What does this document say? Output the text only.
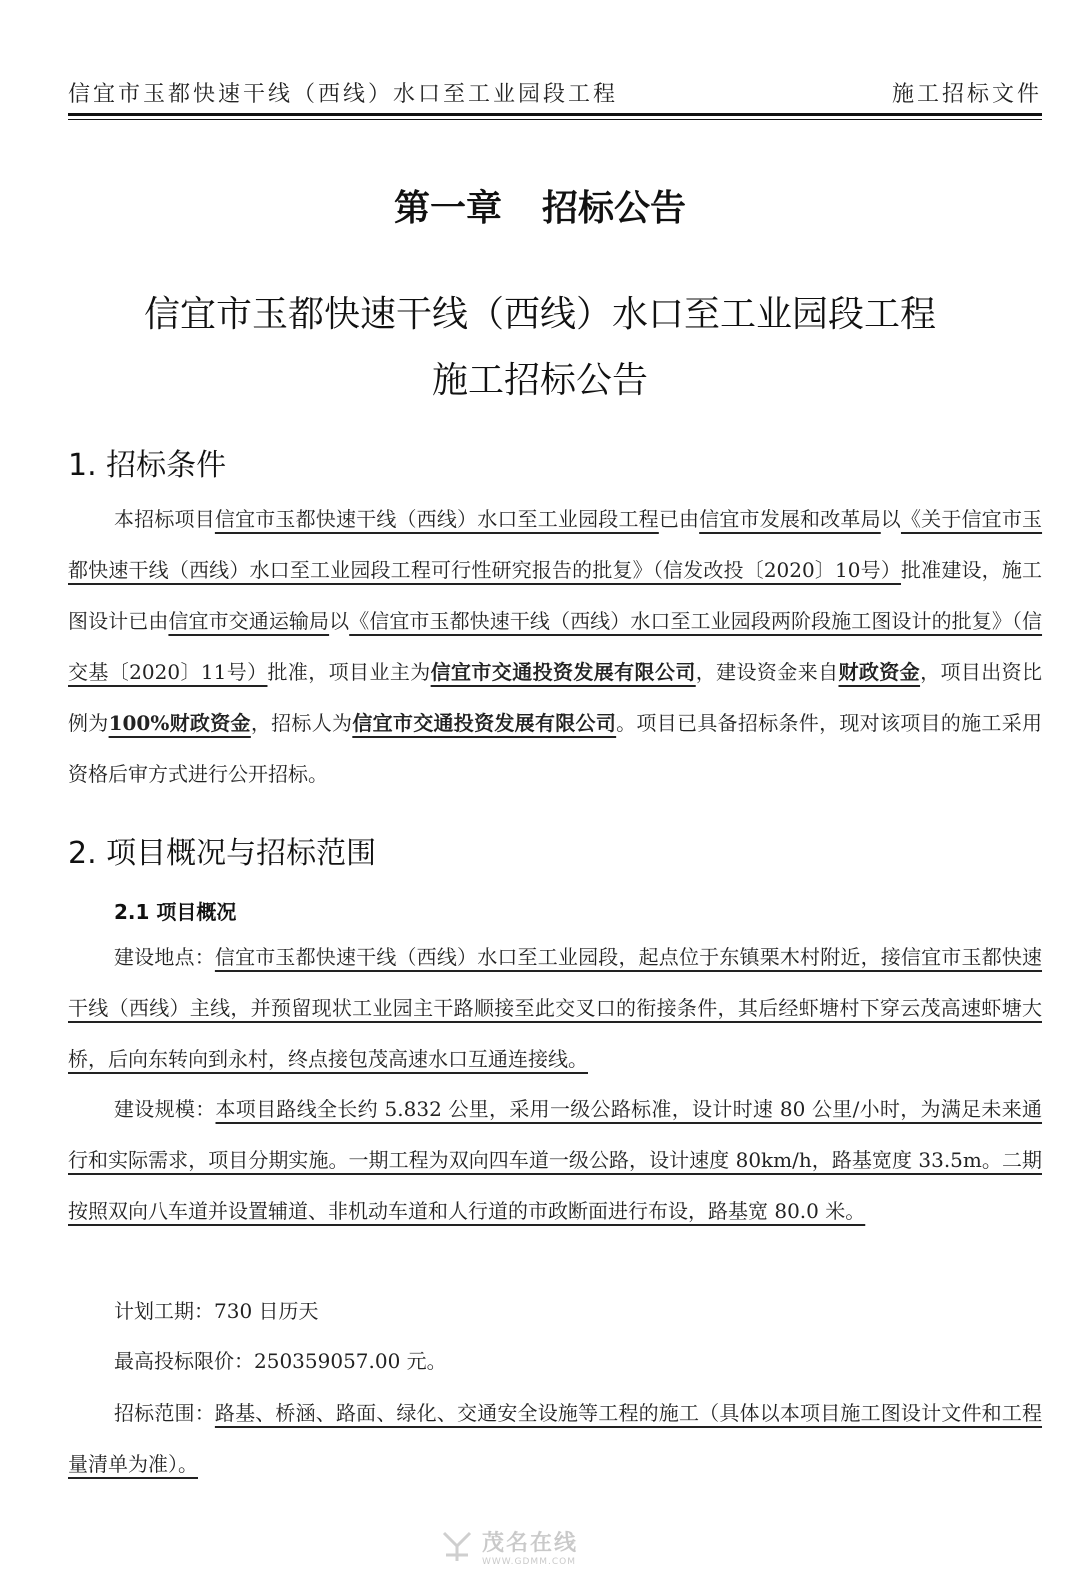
信宜市玉都快速干线（西线）水口至工业园段工程	施工招标文件
第一章 招标公告
信宜市玉都快速干线（西线）水口至工业园段工程
施工招标公告
1. 招标条件
本招标项目信宜市玉都快速干线（西线）水口至工业园段工程已由信宜市发展和改革局以《关于信宜市玉都快速干线（西线）水口至工业园段工程可行性研究报告的批复》（信发改投〔2020〕10号）批准建设，施工图设计已由信宜市交通运输局以《信宜市玉都快速干线（西线）水口至工业园段两阶段施工图设计的批复》（信交基〔2020〕11号）批准，项目业主为信宜市交通投资发展有限公司，建设资金来自财政资金，项目出资比例为100%财政资金，招标人为信宜市交通投资发展有限公司。项目已具备招标条件，现对该项目的施工采用资格后审方式进行公开招标。
2. 项目概况与招标范围
2.1 项目概况
建设地点：信宜市玉都快速干线（西线）水口至工业园段，起点位于东镇栗木村附近，接信宜市玉都快速干线（西线）主线，并预留现状工业园主干路顺接至此交叉口的衔接条件，其后经虾塘村下穿云茂高速虾塘大桥，后向东转向到永村，终点接包茂高速水口互通连接线。
建设规模：本项目路线全长约 5.832 公里，采用一级公路标准，设计时速 80 公里/小时，为满足未来通行和实际需求，项目分期实施。一期工程为双向四车道一级公路，设计速度 80km/h，路基宽度 33.5m。二期按照双向八车道并设置辅道、非机动车道和人行道的市政断面进行布设，路基宽 80.0 米。
计划工期：730 日历天
最高投标限价：250359057.00 元。
招标范围：路基、桥涵、路面、绿化、交通安全设施等工程的施工（具体以本项目施工图设计文件和工程量清单为准）。
茂名在线
WWW.GDMM.COM
